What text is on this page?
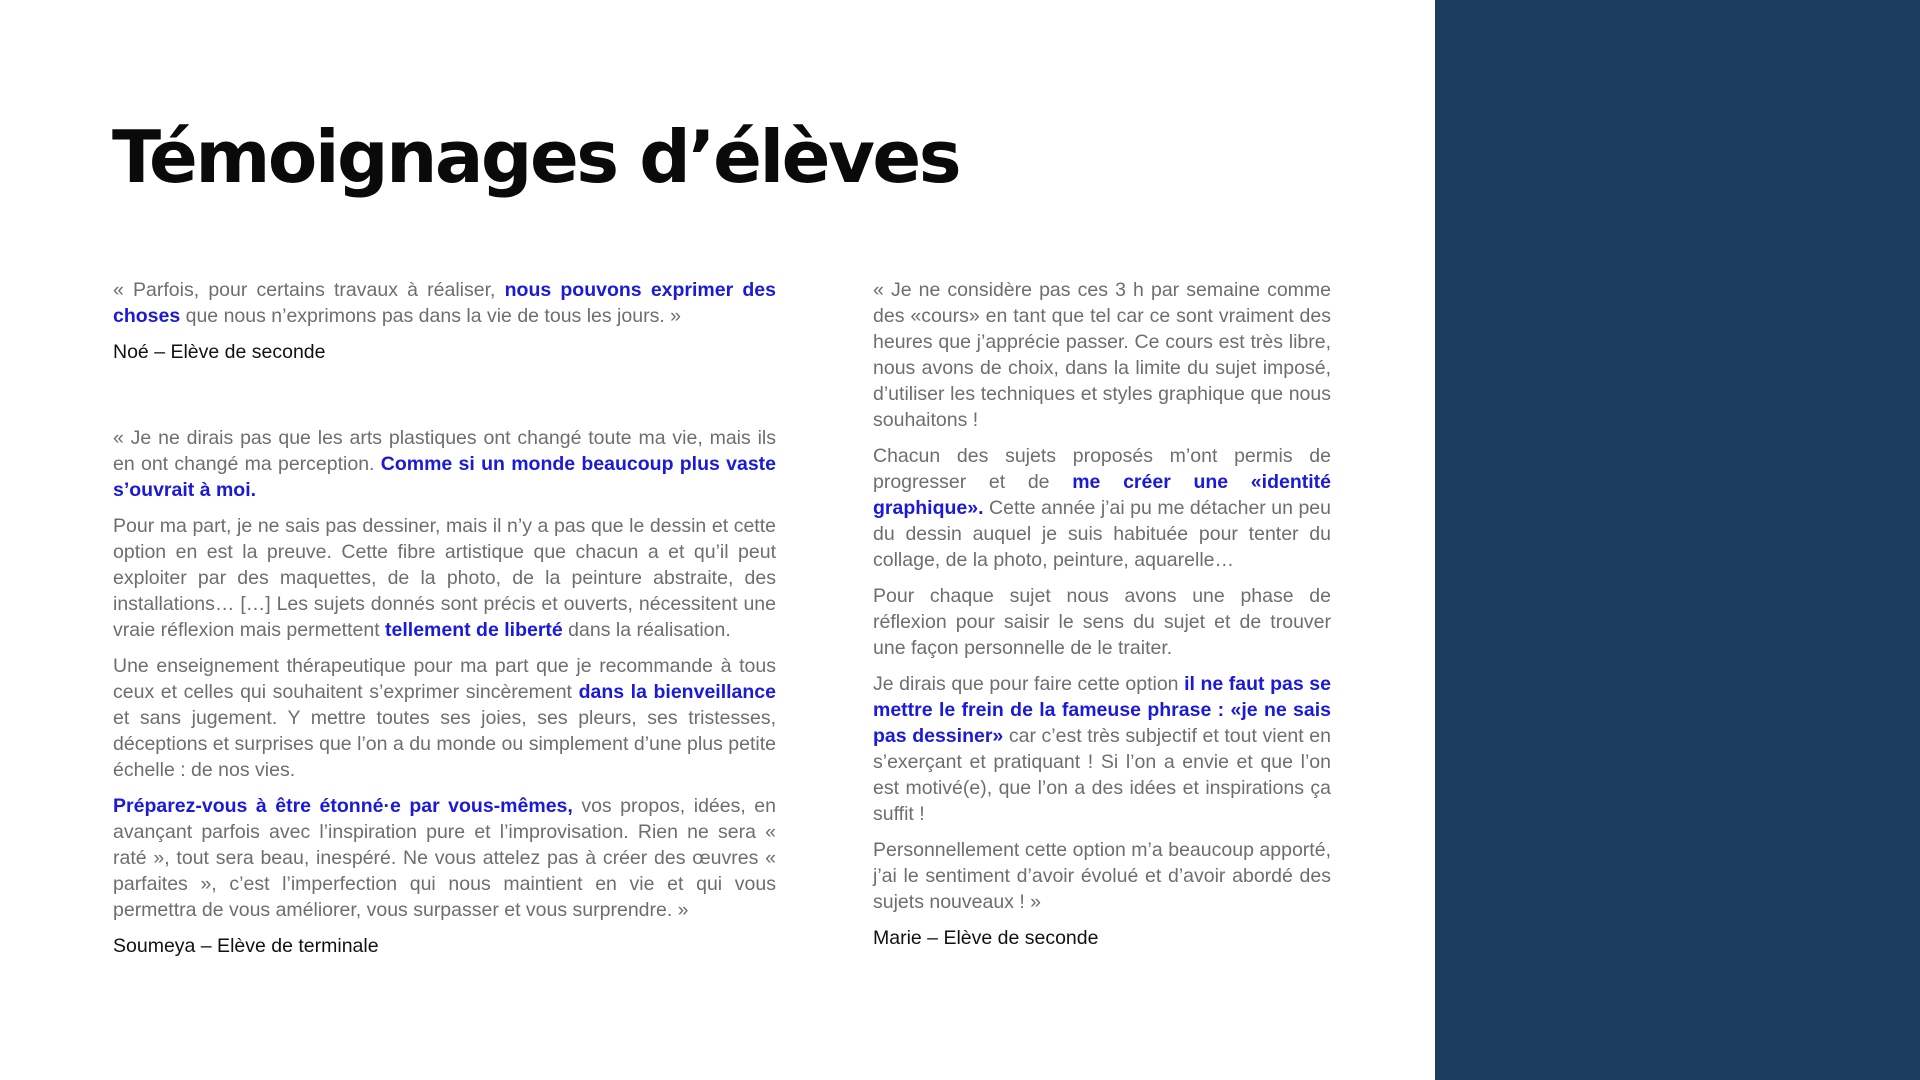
Témoignages d’élèves

« Parfois, pour certains travaux à réaliser, nous pouvons exprimer des choses que nous n’exprimons pas dans la vie de tous les jours. »

Noé – Elève de seconde

« Je ne dirais pas que les arts plastiques ont changé toute ma vie, mais ils en ont changé ma perception. Comme si un monde beaucoup plus vaste s’ouvrait à moi.

Pour ma part, je ne sais pas dessiner, mais il n’y a pas que le dessin et cette option en est la preuve. Cette fibre artistique que chacun a et qu’il peut exploiter par des maquettes, de la photo, de la peinture abstraite, des installations… […] Les sujets donnés sont précis et ouverts, nécessitent une vraie réflexion mais permettent tellement de liberté dans la réalisation.

Une enseignement thérapeutique pour ma part que je recommande à tous ceux et celles qui souhaitent s’exprimer sincèrement dans la bienveillance et sans jugement. Y mettre toutes ses joies, ses pleurs, ses tristesses, déceptions et surprises que l’on a du monde ou simplement d’une plus petite échelle : de nos vies.

Préparez-vous à être étonné·e par vous-mêmes, vos propos, idées, en avançant parfois avec l’inspiration pure et l’improvisation. Rien ne sera « raté », tout sera beau, inespéré. Ne vous attelez pas à créer des œuvres « parfaites », c’est l’imperfection qui nous maintient en vie et qui vous permettra de vous améliorer, vous surpasser et vous surprendre. »

Soumeya – Elève de terminale

« Je ne considère pas ces 3 h par semaine comme des «cours» en tant que tel car ce sont vraiment des heures que j’apprécie passer. Ce cours est très libre, nous avons de choix, dans la limite du sujet imposé, d’utiliser les techniques et styles graphique que nous souhaitons !

Chacun des sujets proposés m’ont permis de progresser et de me créer une «identité graphique». Cette année j’ai pu me détacher un peu du dessin auquel je suis habituée pour tenter du collage, de la photo, peinture, aquarelle…

Pour chaque sujet nous avons une phase de réflexion pour saisir le sens du sujet et de trouver une façon personnelle de le traiter.

Je dirais que pour faire cette option il ne faut pas se mettre le frein de la fameuse phrase : «je ne sais pas dessiner» car c’est très subjectif et tout vient en s’exerçant et pratiquant ! Si l’on a envie et que l’on est motivé(e), que l’on a des idées et inspirations ça suffit !

Personnellement cette option m’a beaucoup apporté, j’ai le sentiment d’avoir évolué et d’avoir abordé des sujets nouveaux ! »

Marie – Elève de seconde
